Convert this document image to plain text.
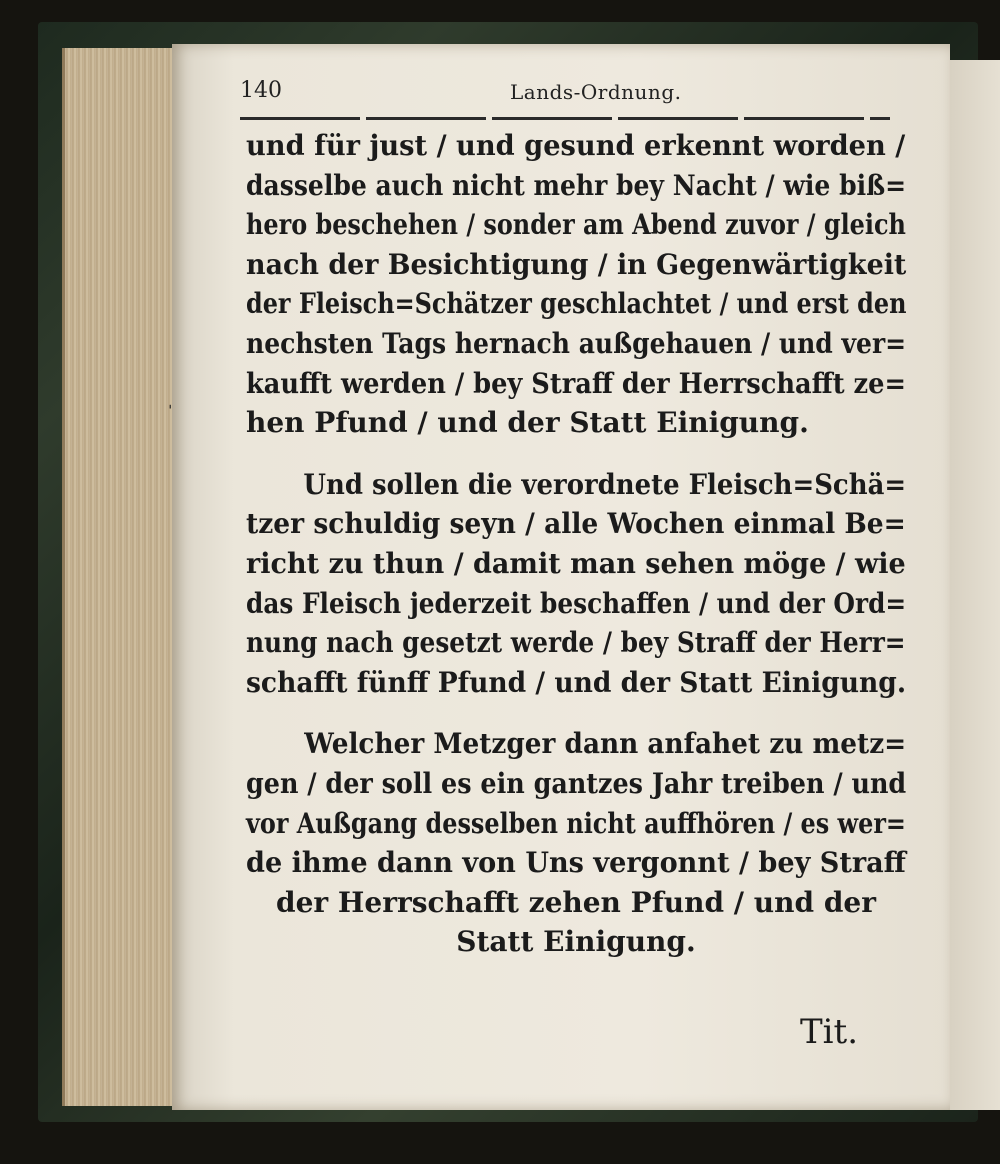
140	Lands-Ordnung.

und für just / und gesund erkennt worden /
dasselbe auch nicht mehr bey Nacht / wie biß=
hero beschehen / sonder am Abend zuvor / gleich
nach der Besichtigung / in Gegenwärtigkeit
der Fleisch=Schätzer geschlachtet / und erst den
nechsten Tags hernach außgehauen / und ver=
kaufft werden / bey Straff der Herrschafft ze=
hen Pfund / und der Statt Einigung.

Und sollen die verordnete Fleisch=Schä=
tzer schuldig seyn / alle Wochen einmal Be=
richt zu thun / damit man sehen möge / wie
das Fleisch jederzeit beschaffen / und der Ord=
nung nach gesetzt werde / bey Straff der Herr=
schafft fünff Pfund / und der Statt Einigung.

Welcher Metzger dann anfahet zu metz=
gen / der soll es ein gantzes Jahr treiben / und
vor Außgang desselben nicht auffhören / es wer=
de ihme dann von Uns vergonnt / bey Straff
der Herrschafft zehen Pfund / und der
Statt Einigung.

Tit.
ˈ
